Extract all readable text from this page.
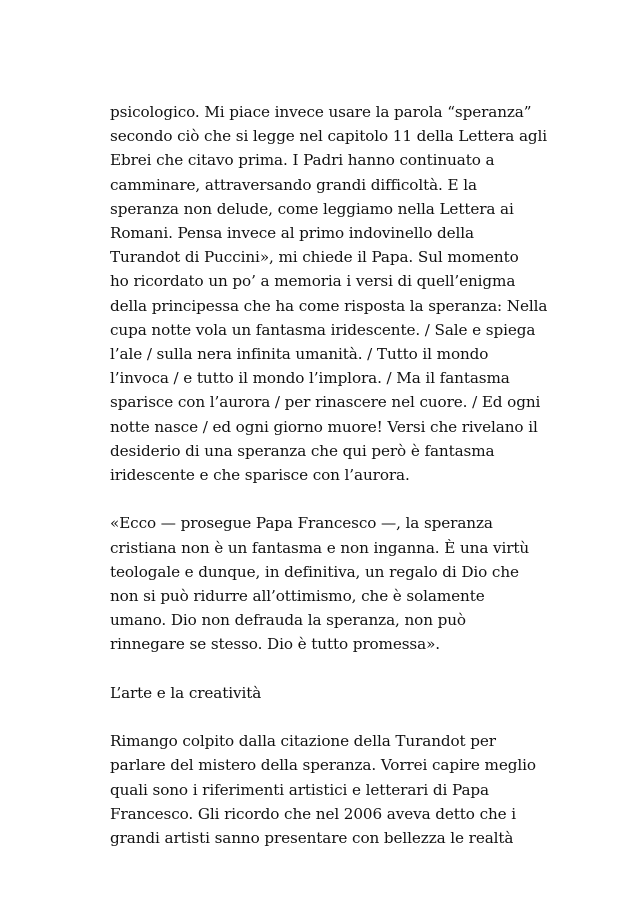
psicologico. Mi piace invece usare la parola “speranza”
secondo ciò che si legge nel capitolo 11 della Lettera agli
Ebrei che citavo prima. I Padri hanno continuato a
camminare, attraversando grandi difficoltà. E la
speranza non delude, come leggiamo nella Lettera ai
Romani. Pensa invece al primo indovinello della
Turandot di Puccini», mi chiede il Papa. Sul momento
ho ricordato un po’ a memoria i versi di quell’enigma
della principessa che ha come risposta la speranza: Nella
cupa notte vola un fantasma iridescente. / Sale e spiega
l’ale / sulla nera infinita umanità. / Tutto il mondo
l’invoca / e tutto il mondo l’implora. / Ma il fantasma
sparisce con l’aurora / per rinascere nel cuore. / Ed ogni
notte nasce / ed ogni giorno muore! Versi che rivelano il
desiderio di una speranza che qui però è fantasma
iridescente e che sparisce con l’aurora.

«Ecco — prosegue Papa Francesco —, la speranza
cristiana non è un fantasma e non inganna. È una virtù
teologale e dunque, in definitiva, un regalo di Dio che
non si può ridurre all’ottimismo, che è solamente
umano. Dio non defrauda la speranza, non può
rinnegare se stesso. Dio è tutto promessa».

L’arte e la creatività

Rimango colpito dalla citazione della Turandot per
parlare del mistero della speranza. Vorrei capire meglio
quali sono i riferimenti artistici e letterari di Papa
Francesco. Gli ricordo che nel 2006 aveva detto che i
grandi artisti sanno presentare con bellezza le realtà
